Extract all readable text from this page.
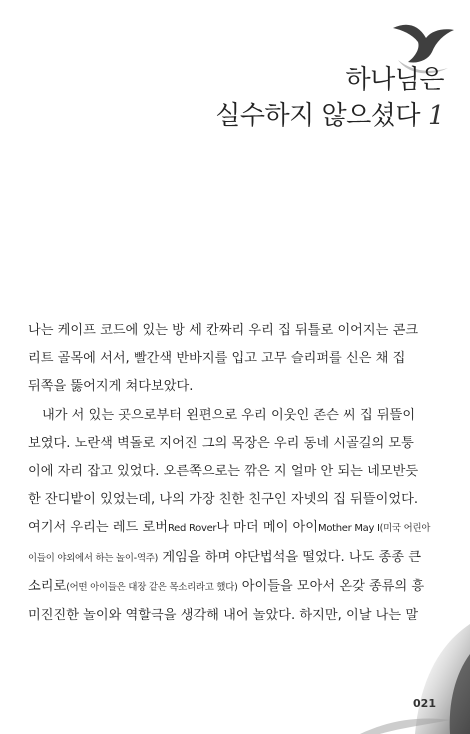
하나님은
실수하지 않으셨다 1

나는 케이프 코드에 있는 방 세 칸짜리 우리 집 뒤틀로 이어지는 콘크
리트 골목에 서서, 빨간색 반바지를 입고 고무 슬리퍼를 신은 채 집
뒤쪽을 뚫어지게 쳐다보았다.

내가 서 있는 곳으로부터 왼편으로 우리 이웃인 존슨 씨 집 뒤뜰이
보였다. 노란색 벽돌로 지어진 그의 목장은 우리 동네 시골길의 모퉁
이에 자리 잡고 있었다. 오른쪽으로는 깎은 지 얼마 안 되는 네모반듯
한 잔디밭이 있었는데, 나의 가장 친한 친구인 자넷의 집 뒤뜰이었다.
여기서 우리는 레드 로버Red Rover나 마더 메이 아이Mother May I(미국 어린아
이들이 야외에서 하는 놀이-역주) 게임을 하며 야단법석을 떨었다. 나도 종종 큰
소리로(어떤 아이들은 대장 같은 목소리라고 했다) 아이들을 모아서 온갖 종류의 흥
미진진한 놀이와 역할극을 생각해 내어 놀았다. 하지만, 이날 나는 말

021
